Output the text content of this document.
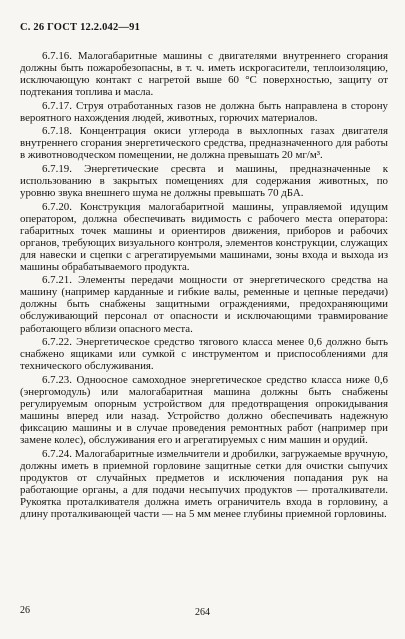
С. 26 ГОСТ 12.2.042—91

6.7.16. Малогабаритные машины с двигателями внутреннего сгорания должны быть пожаробезопасны, в т. ч. иметь искрогасители, теплоизоляцию, исключающую контакт с нагретой выше 60 °С поверхностью, защиту от подтекания топлива и масла.

6.7.17. Струя отработанных газов не должна быть направлена в сторону вероятного нахождения людей, животных, горючих материалов.

6.7.18. Концентрация окиси углерода в выхлопных газах двигателя внутреннего сгорания энергетического средства, предназначенного для работы в животноводческом помещении, не должна превышать 20 мг/м³.

6.7.19. Энергетические сресвта и машины, предназначенные к использованию в закрытых помещениях для содержания животных, по уровню звука внешнего шума не должны превышать 70 дБА.

6.7.20. Конструкция малогабаритной машины, управляемой идущим оператором, должна обеспечивать видимость с рабочего места оператора: габаритных точек машины и ориентиров движения, приборов и рабочих органов, требующих визуального контроля, элементов конструкции, служащих для навески и сцепки с агрегатируемыми машинами, зоны входа и выхода из машины обрабатываемого продукта.

6.7.21. Элементы передачи мощности от энергетического средства на машину (например карданные и гибкие валы, ременные и цепные передачи) должны быть снабжены защитными ограждениями, предохраняющими обслуживающий персонал от опасности и исключающими травмирование работающего вблизи опасного места.

6.7.22. Энергетическое средство тягового класса менее 0,6 должно быть снабжено ящиками или сумкой с инструментом и приспособлениями для технического обслуживания.

6.7.23. Одноосное самоходное энергетическое средство класса ниже 0,6 (энергомодуль) или малогабаритная машина должны быть снабжены регулируемым опорным устройством для предотвращения опрокидывания машины вперед или назад. Устройство должно обеспечивать надежную фиксацию машины и в случае проведения ремонтных работ (например при замене колес), обслуживания его и агрегатируемых с ним машин и орудий.

6.7.24. Малогабаритные измельчители и дробилки, загружаемые вручную, должны иметь в приемной горловине защитные сетки для очистки сыпучих продуктов от случайных предметов и исключения попадания рук на работающие органы, а для подачи несыпучих продуктов — проталкиватели. Рукоятка проталкивателя должна иметь ограничитель входа в горловину, а длину проталкивающей части — на 5 мм менее глубины приемной горловины.

26	264
